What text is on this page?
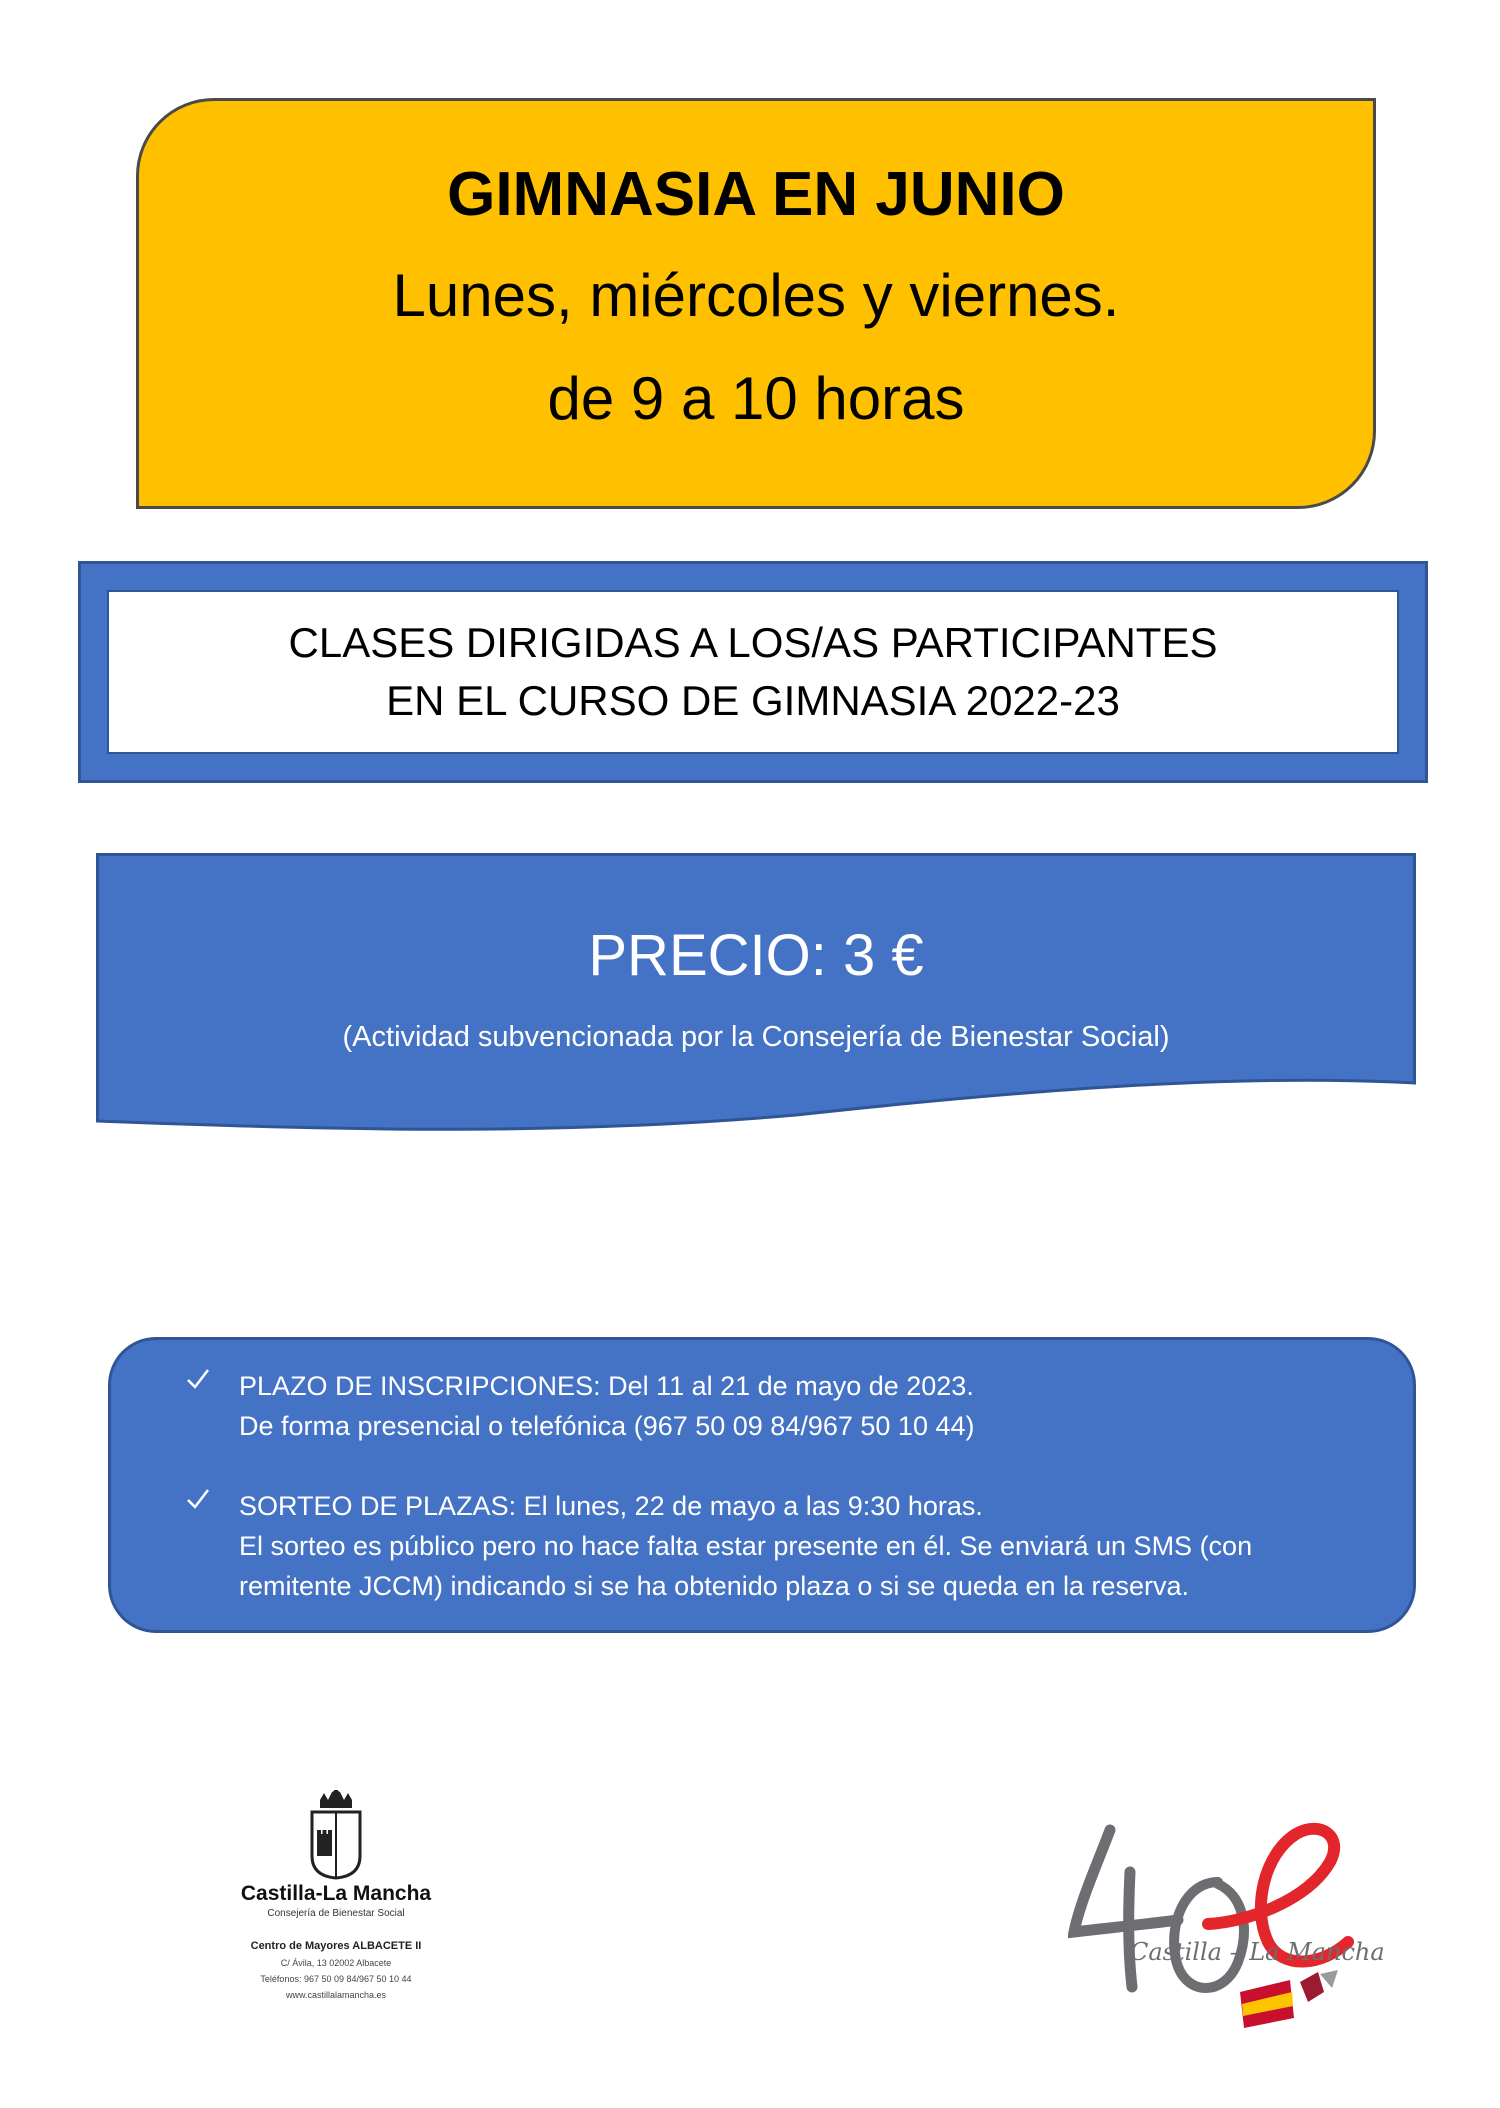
GIMNASIA EN JUNIO
Lunes, miércoles y viernes.
de 9 a 10 horas
CLASES DIRIGIDAS A LOS/AS PARTICIPANTES
EN EL CURSO DE GIMNASIA 2022-23
PRECIO: 3 €
(Actividad subvencionada por la Consejería de Bienestar Social)
PLAZO DE INSCRIPCIONES: Del 11 al 21 de mayo de 2023.
De forma presencial o telefónica (967 50 09 84/967 50 10 44)
SORTEO DE PLAZAS: El lunes, 22 de mayo a las 9:30 horas.
El sorteo es público pero no hace falta estar presente en él. Se enviará un SMS (con
remitente JCCM) indicando si se ha obtenido plaza o si se queda en la reserva.
Castilla-La Mancha
Consejería de Bienestar Social
Centro de Mayores ALBACETE II
C/ Ávila, 13 02002 Albacete
Teléfonos: 967 50 09 84/967 50 10 44
www.castillalamancha.es
Castilla – La Mancha
